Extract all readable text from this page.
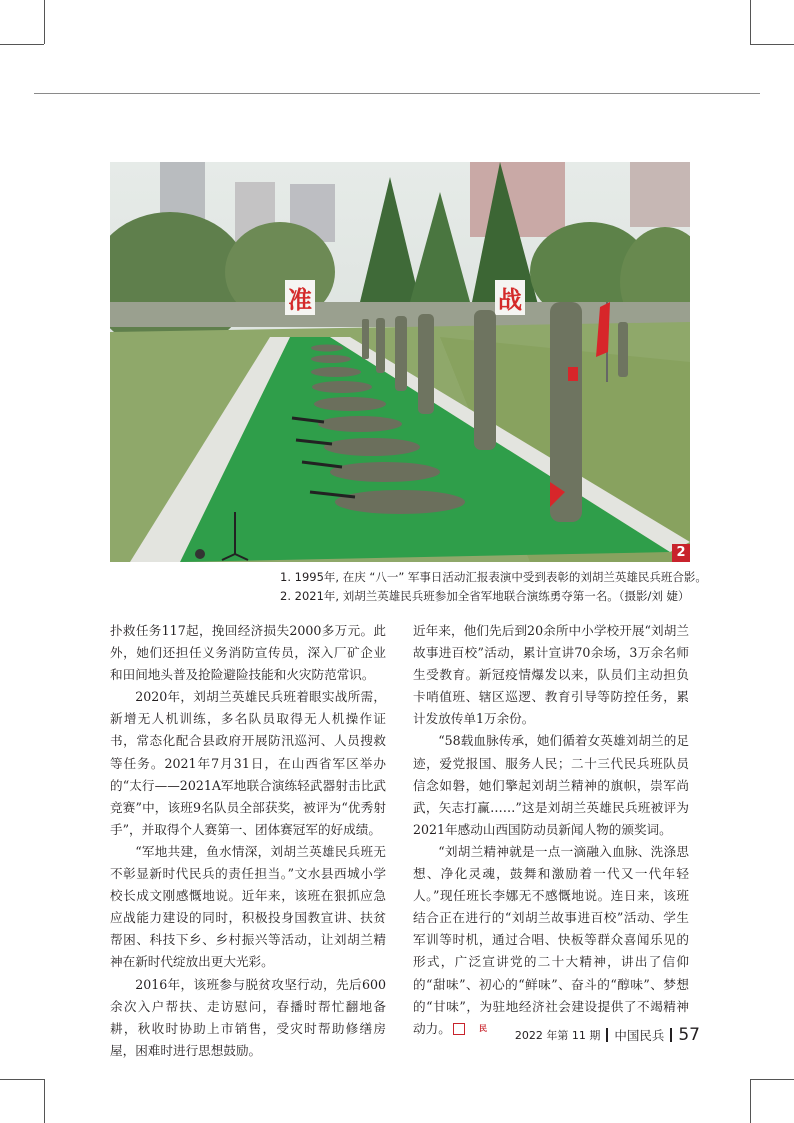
准	战
2

1. 1995年, 在庆 “八一” 军事日活动汇报表演中受到表彰的刘胡兰英雄民兵班合影。

2. 2021年, 刘胡兰英雄民兵班参加全省军地联合演练勇夺第一名。（摄影/刘 婕）

扑救任务117起，挽回经济损失2000多万元。此外，她们还担任义务消防宣传员，深入厂矿企业和田间地头普及抢险避险技能和火灾防范常识。

2020年，刘胡兰英雄民兵班着眼实战所需，新增无人机训练，多名队员取得无人机操作证书，常态化配合县政府开展防汛巡河、人员搜救等任务。2021年7月31日，在山西省军区举办的“太行——2021A军地联合演练轻武器射击比武竞赛”中，该班9名队员全部获奖，被评为“优秀射手”，并取得个人赛第一、团体赛冠军的好成绩。

“军地共建，鱼水情深，刘胡兰英雄民兵班无不彰显新时代民兵的责任担当。”文水县西城小学校长成文刚感慨地说。近年来，该班在狠抓应急应战能力建设的同时，积极投身国教宣讲、扶贫帮困、科技下乡、乡村振兴等活动，让刘胡兰精神在新时代绽放出更大光彩。

2016年，该班参与脱贫攻坚行动，先后600余次入户帮扶、走访慰问，春播时帮忙翻地备耕，秋收时协助上市销售，受灾时帮助修缮房屋，困难时进行思想鼓励。

近年来，他们先后到20余所中小学校开展“刘胡兰故事进百校”活动，累计宣讲70余场，3万余名师生受教育。新冠疫情爆发以来，队员们主动担负卡哨值班、辖区巡逻、教育引导等防控任务，累计发放传单1万余份。

“58载血脉传承，她们循着女英雄刘胡兰的足迹，爱党报国、服务人民；二十三代民兵班队员信念如磐，她们擎起刘胡兰精神的旗帜，崇军尚武，矢志打赢……”这是刘胡兰英雄民兵班被评为2021年感动山西国防动员新闻人物的颁奖词。

“刘胡兰精神就是一点一滴融入血脉、洗涤思想、净化灵魂，鼓舞和激励着一代又一代年轻人。”现任班长李娜无不感慨地说。连日来，该班结合正在进行的“刘胡兰故事进百校”活动、学生军训等时机，通过合唱、快板等群众喜闻乐见的形式，广泛宣讲党的二十大精神，讲出了信仰的“甜味”、初心的“鲜味”、奋斗的“醇味”、梦想的“甘味”，为驻地经济社会建设提供了不竭精神动力。	民

2022 年第 11 期 中国民兵 57
